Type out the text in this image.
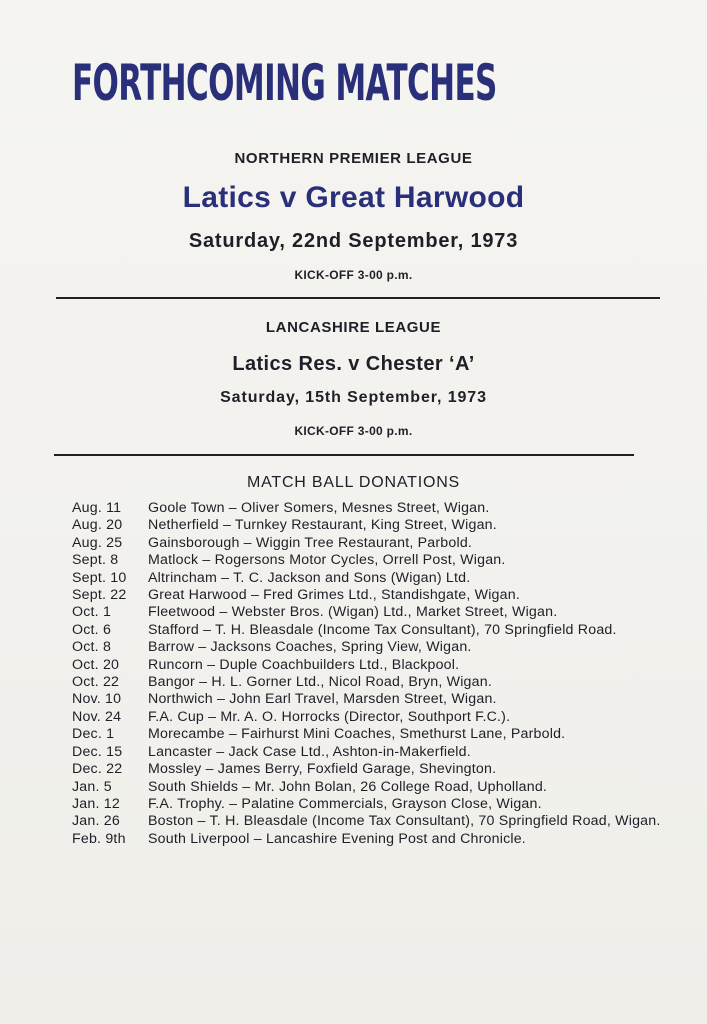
FORTHCOMING MATCHES
NORTHERN PREMIER LEAGUE
Latics v Great Harwood
Saturday, 22nd September, 1973
KICK-OFF 3-00 p.m.
LANCASHIRE LEAGUE
Latics Res. v Chester ‘A’
Saturday, 15th September, 1973
KICK-OFF 3-00 p.m.
MATCH BALL DONATIONS
Aug. 11	Goole Town – Oliver Somers, Mesnes Street, Wigan.
Aug. 20	Netherfield – Turnkey Restaurant, King Street, Wigan.
Aug. 25	Gainsborough – Wiggin Tree Restaurant, Parbold.
Sept. 8	Matlock – Rogersons Motor Cycles, Orrell Post, Wigan.
Sept. 10	Altrincham – T. C. Jackson and Sons (Wigan) Ltd.
Sept. 22	Great Harwood – Fred Grimes Ltd., Standishgate, Wigan.
Oct. 1	Fleetwood – Webster Bros. (Wigan) Ltd., Market Street, Wigan.
Oct. 6	Stafford – T. H. Bleasdale (Income Tax Consultant), 70 Springfield Road.
Oct. 8	Barrow – Jacksons Coaches, Spring View, Wigan.
Oct. 20	Runcorn – Duple Coachbuilders Ltd., Blackpool.
Oct. 22	Bangor – H. L. Gorner Ltd., Nicol Road, Bryn, Wigan.
Nov. 10	Northwich – John Earl Travel, Marsden Street, Wigan.
Nov. 24	F.A. Cup – Mr. A. O. Horrocks (Director, Southport F.C.).
Dec. 1	Morecambe – Fairhurst Mini Coaches, Smethurst Lane, Parbold.
Dec. 15	Lancaster – Jack Case Ltd., Ashton-in-Makerfield.
Dec. 22	Mossley – James Berry, Foxfield Garage, Shevington.
Jan. 5	South Shields – Mr. John Bolan, 26 College Road, Upholland.
Jan. 12	F.A. Trophy. – Palatine Commercials, Grayson Close, Wigan.
Jan. 26	Boston – T. H. Bleasdale (Income Tax Consultant), 70 Springfield Road, Wigan.
Feb. 9th	South Liverpool – Lancashire Evening Post and Chronicle.
